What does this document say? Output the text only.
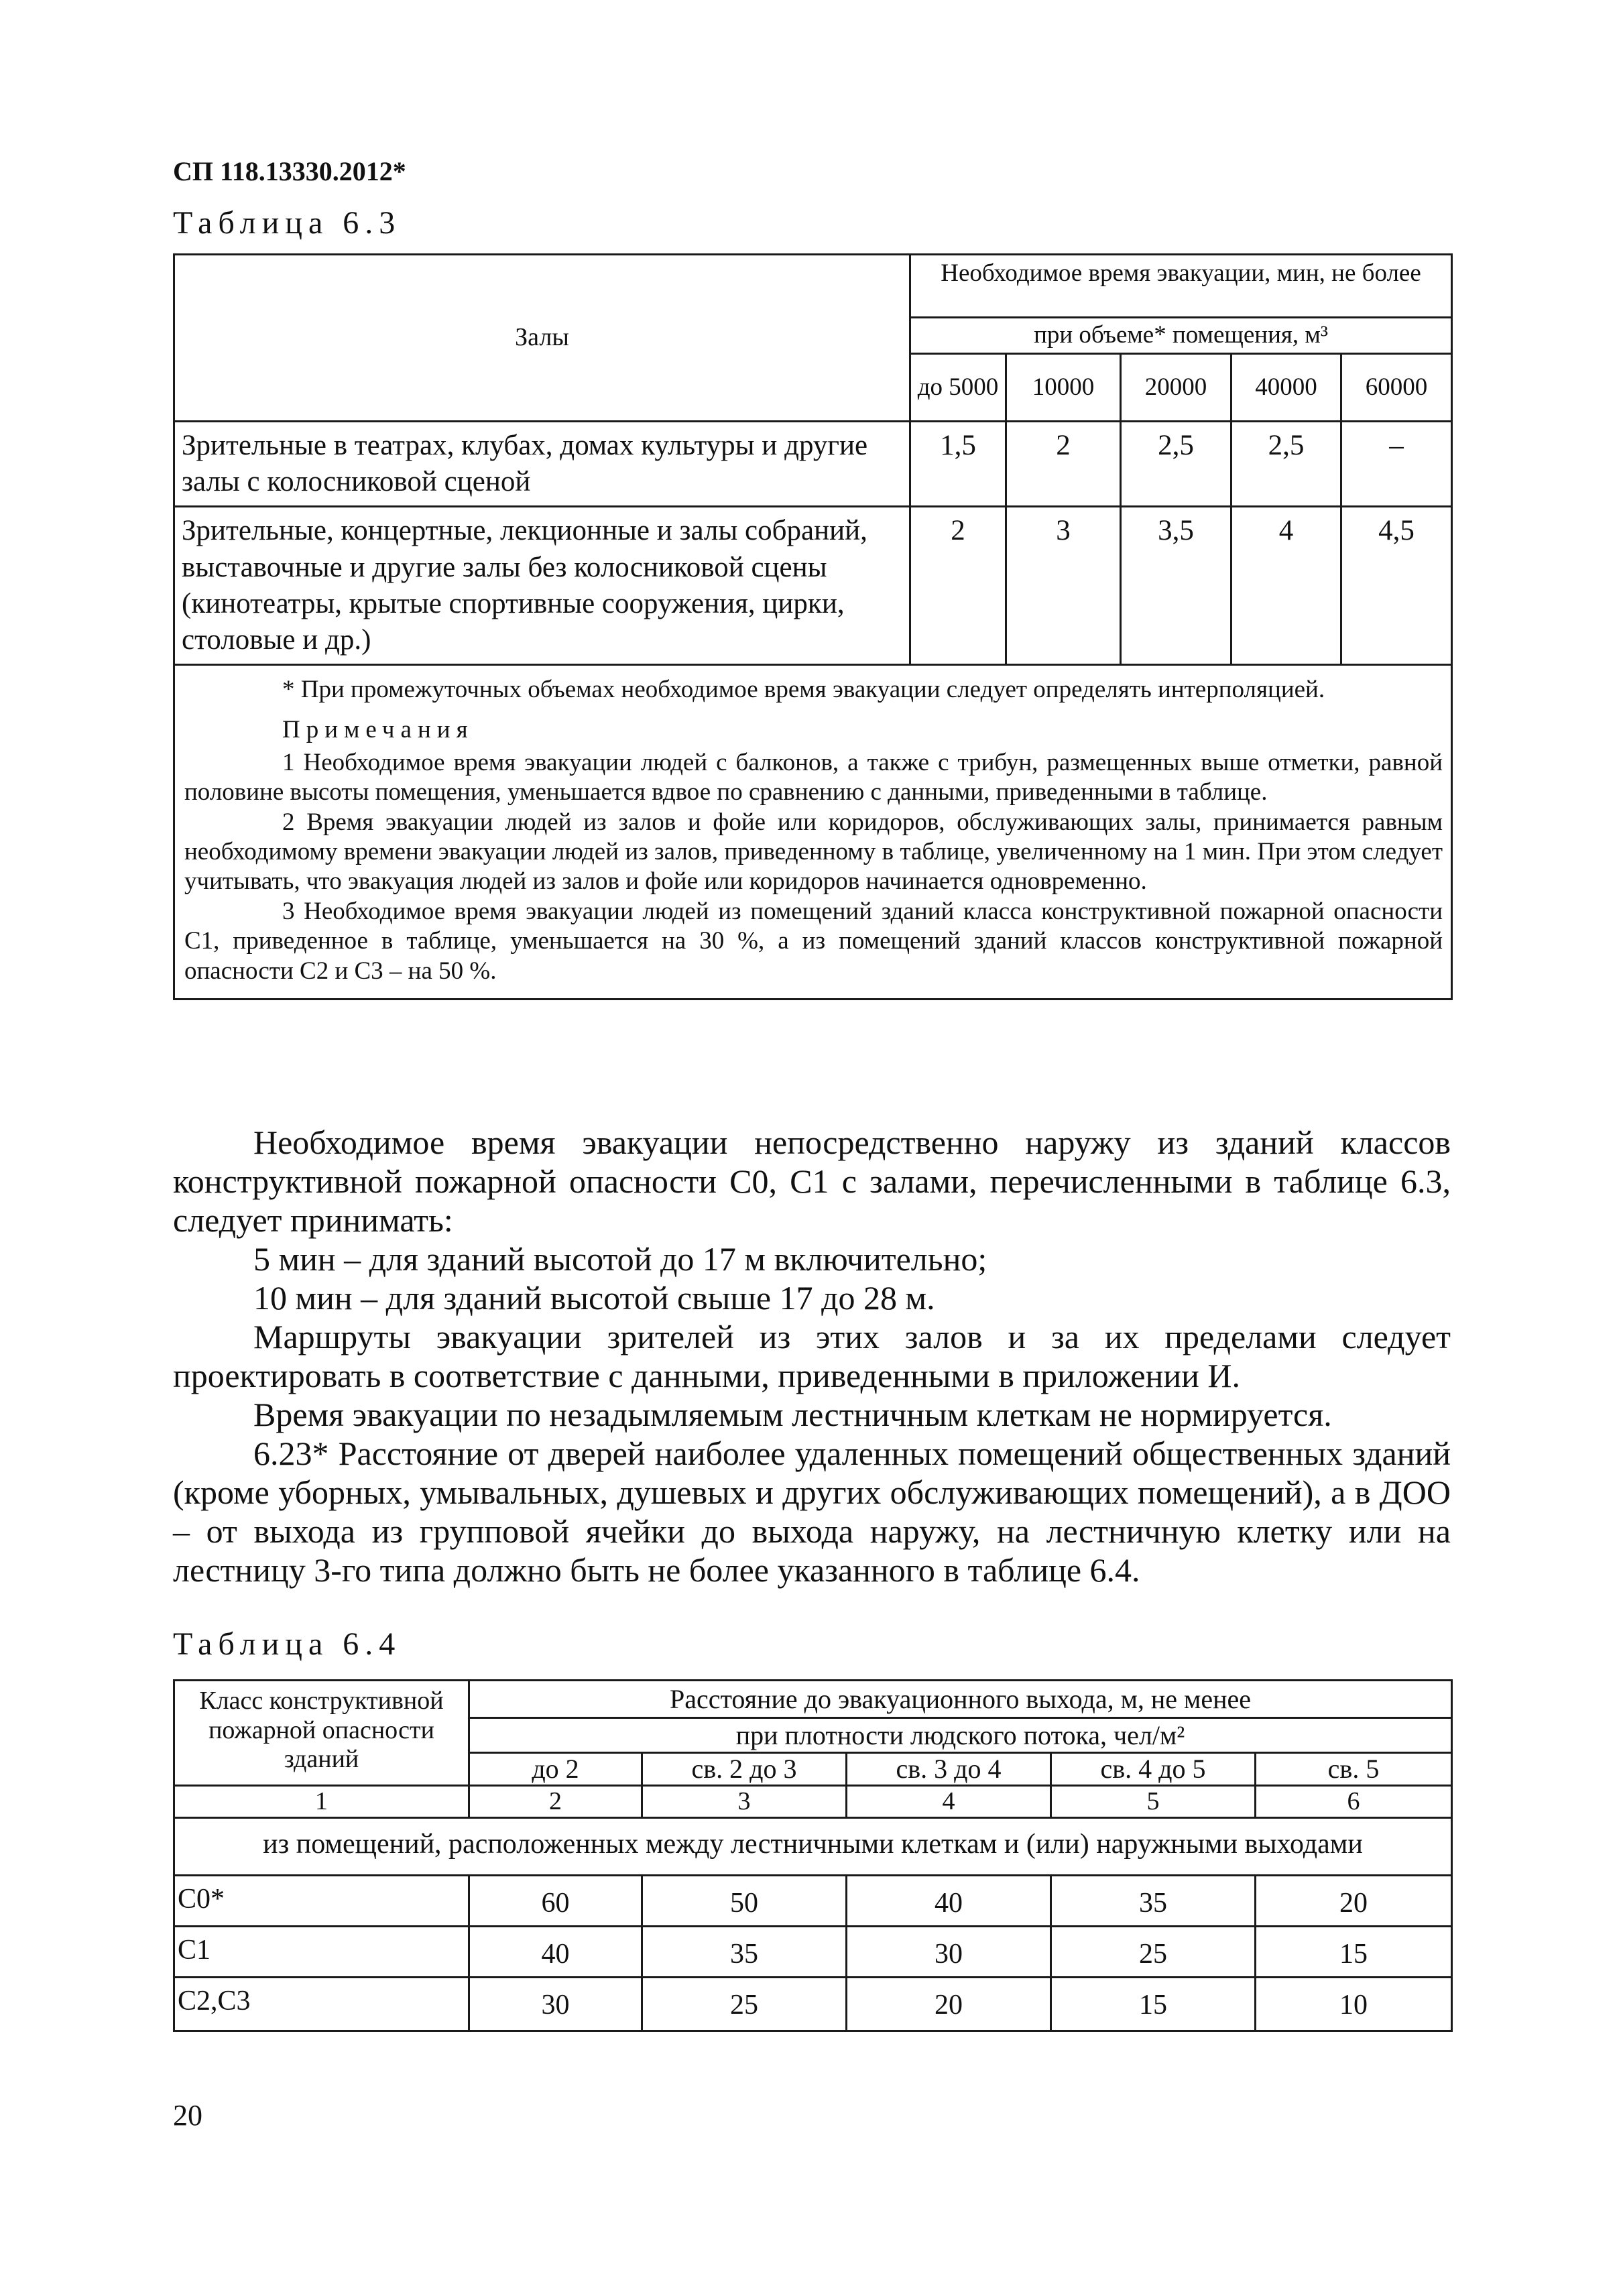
СП 118.13330.2012*
Таблица 6.3
Залы	Необходимое время эвакуации, мин, не более				
	при объеме* помещения, м³				
	до 5000	10000	20000	40000	60000
Зрительные в театрах, клубах, домах культуры и другие залы с колосниковой сценой	1,5	2	2,5	2,5	–
Зрительные, концертные, лекционные и залы собраний, выставочные и другие залы без колосниковой сцены (кинотеатры, крытые спортивные сооружения, цирки, столовые и др.)	2	3	3,5	4	4,5

* При промежуточных объемах необходимое время эвакуации следует определять интерполяцией.

Примечания

1 Необходимое время эвакуации людей с балконов, а также с трибун, размещенных выше отметки, равной половине высоты помещения, уменьшается вдвое по сравнению с данными, приведенными в таблице.

2 Время эвакуации людей из залов и фойе или коридоров, обслуживающих залы, принимается равным необходимому времени эвакуации людей из залов, приведенному в таблице, увеличенному на 1 мин. При этом следует учитывать, что эвакуация людей из залов и фойе или коридоров начинается одновременно.

3 Необходимое время эвакуации людей из помещений зданий класса конструктивной пожарной опасности С1, приведенное в таблице, уменьшается на 30 %, а из помещений зданий классов конструктивной пожарной опасности С2 и С3 – на 50 %.					

Необходимое время эвакуации непосредственно наружу из зданий классов конструктивной пожарной опасности С0, С1 с залами, перечисленными в таблице 6.3, следует принимать:

5 мин – для зданий высотой до 17 м включительно;

10 мин – для зданий высотой свыше 17 до 28 м.

Маршруты эвакуации зрителей из этих залов и за их пределами следует проектировать в соответствие с данными, приведенными в приложении И.

Время эвакуации по незадымляемым лестничным клеткам не нормируется.

6.23* Расстояние от дверей наиболее удаленных помещений общественных зданий (кроме уборных, умывальных, душевых и других обслуживающих помещений), а в ДОО – от выхода из групповой ячейки до выхода наружу, на лестничную клетку или на лестницу 3-го типа должно быть не более указанного в таблице 6.4.

Таблица 6.4
Класс конструктивной пожарной опасности зданий	Расстояние до эвакуационного выхода, м, не менее				
	при плотности людского потока, чел/м²				
	до 2	св. 2 до 3	св. 3 до 4	св. 4 до 5	св. 5
1	2	3	4	5	6
из помещений, расположенных между лестничными клеткам и (или) наружными выходами					
С0*	60	50	40	35	20
С1	40	35	30	25	15
С2,С3	30	25	20	15	10
20
